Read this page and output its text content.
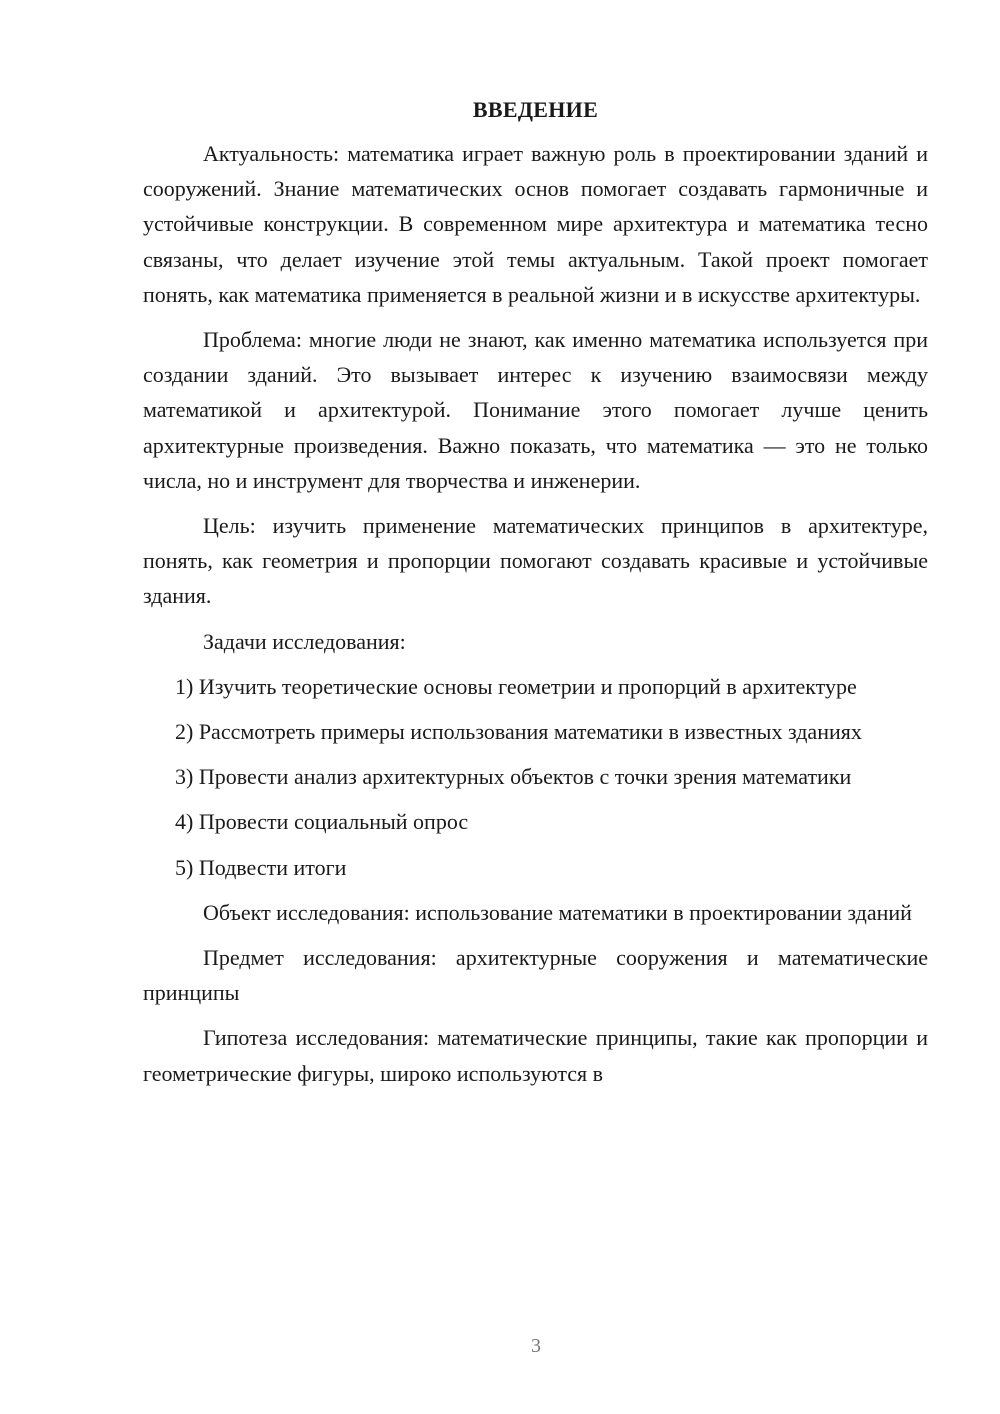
ВВЕДЕНИЕ

Актуальность: математика играет важную роль в проектировании зданий и сооружений. Знание математических основ помогает создавать гармоничные и устойчивые конструкции. В современном мире архитектура и математика тесно связаны, что делает изучение этой темы актуальным. Такой проект помогает понять, как математика применяется в реальной жизни и в искусстве архитектуры.

Проблема: многие люди не знают, как именно математика используется при создании зданий. Это вызывает интерес к изучению взаимосвязи между математикой и архитектурой. Понимание этого помогает лучше ценить архитектурные произведения. Важно показать, что математика — это не только числа, но и инструмент для творчества и инженерии.

Цель: изучить применение математических принципов в архитектуре, понять, как геометрия и пропорции помогают создавать красивые и устойчивые здания.

Задачи исследования:

1) Изучить теоретические основы геометрии и пропорций в архитектуре

2) Рассмотреть примеры использования математики в известных зданиях

3) Провести анализ архитектурных объектов с точки зрения математики

4) Провести социальный опрос

5) Подвести итоги

Объект исследования: использование математики в проектировании зданий

Предмет исследования: архитектурные сооружения и математические принципы

Гипотеза исследования: математические принципы, такие как пропорции и геометрические фигуры, широко используются в

3
